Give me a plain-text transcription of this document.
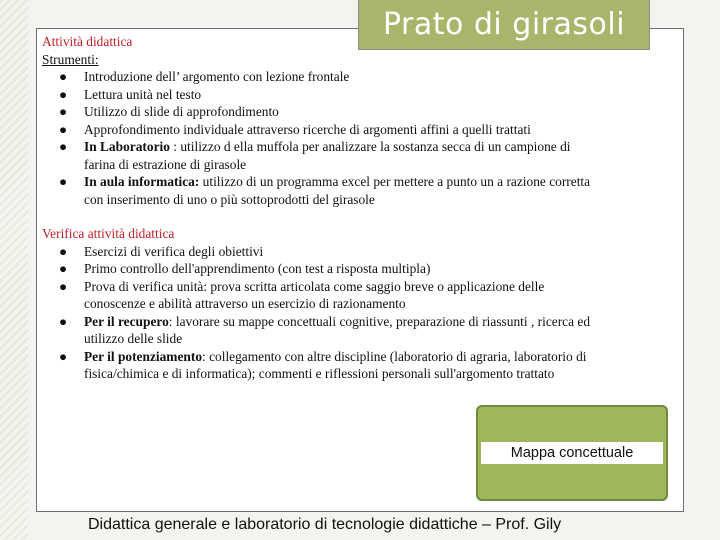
Prato di girasoli
Attività didattica
Strumenti:
● Introduzione dell’ argomento con lezione frontale
● Lettura unità nel testo
● Utilizzo di slide di approfondimento
● Approfondimento individuale attraverso ricerche di argomenti affini a quelli trattati
● In Laboratorio : utilizzo d ella muffola per analizzare la sostanza secca di un campione di farina di estrazione di girasole
●	In aula informatica: utilizzo di un programma excel per mettere a punto un a razione corretta con inserimento di uno o più sottoprodotti del girasole
Verifica attività didattica
● Esercizi di verifica degli obiettivi
● Primo controllo dell'apprendimento (con test a risposta multipla)
● Prova di verifica unità: prova scritta articolata come saggio breve o applicazione delle conoscenze e abilità attraverso un esercizio di razionamento
● Per il recupero: lavorare su mappe concettuali cognitive, preparazione di riassunti , ricerca ed utilizzo delle slide
● Per il potenziamento: collegamento con altre discipline (laboratorio di agraria, laboratorio di fisica/chimica e di informatica); commenti e riflessioni personali sull'argomento trattato
Mappa concettuale
Didattica generale e laboratorio di tecnologie didattiche – Prof. Gily
